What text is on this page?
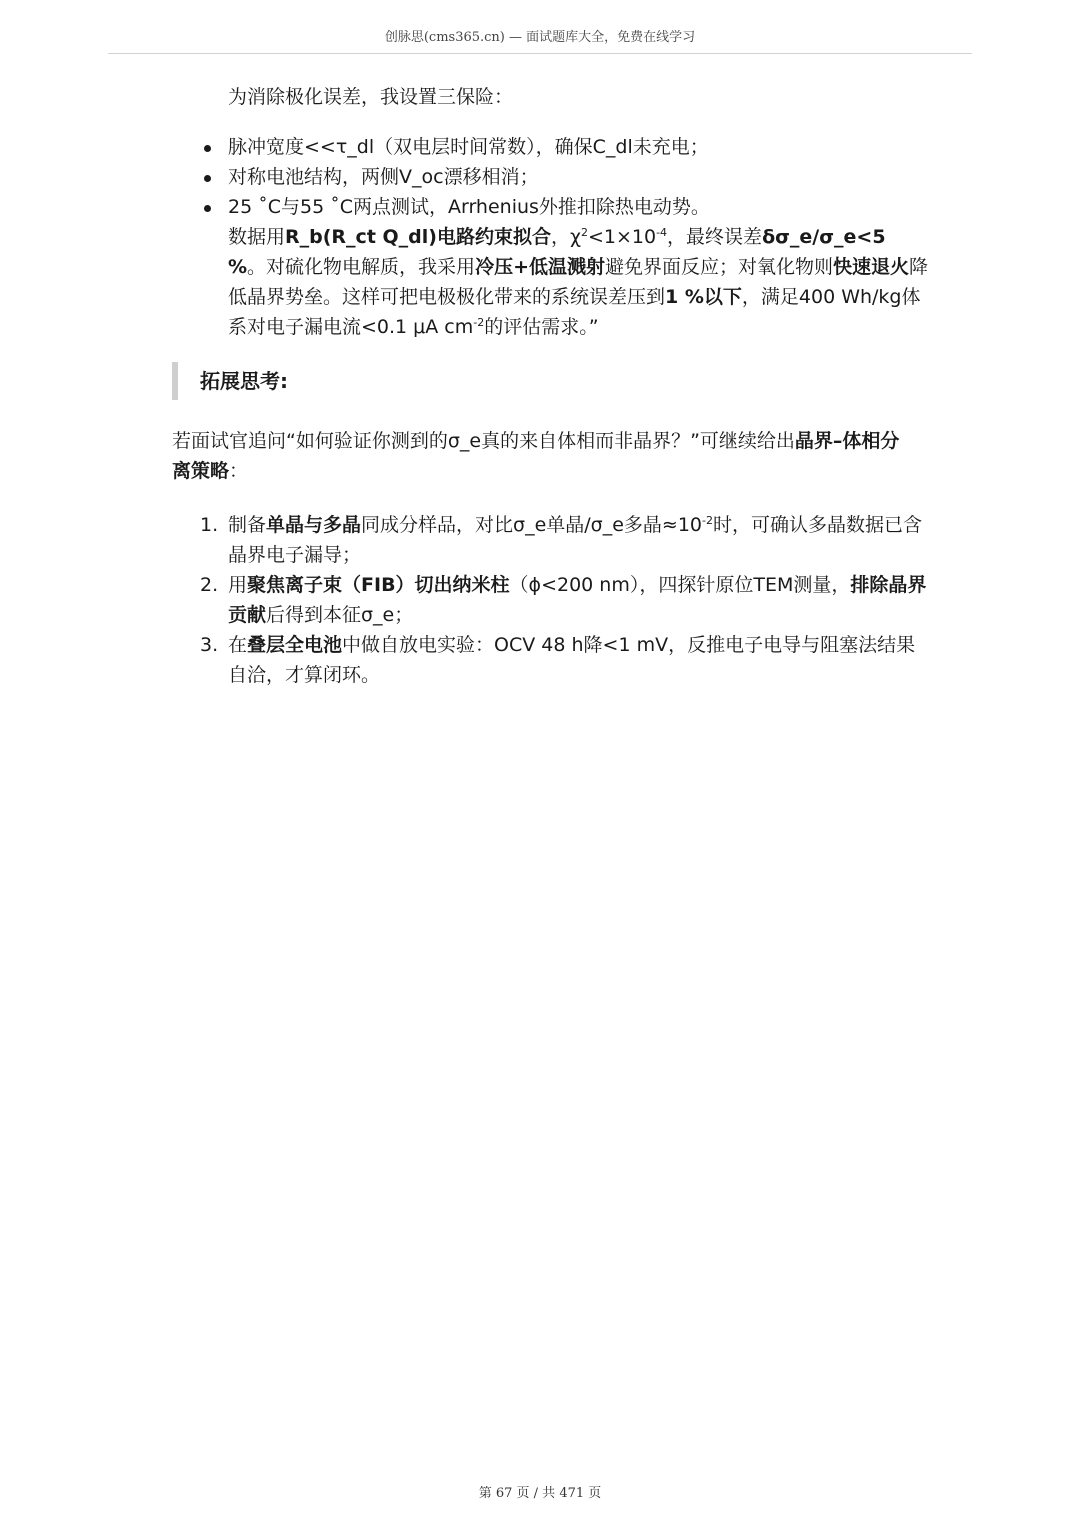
创脉思(cms365.cn) — 面试题库大全，免费在线学习

为消除极化误差，我设置三保险：

脉冲宽度<<τ_dl（双电层时间常数），确保C_dl未充电；
对称电池结构，两侧V_oc漂移相消；
25 ˚C与55 ˚C两点测试，Arrhenius外推扣除热电动势。
数据用R_b(R_ct Q_dl)电路约束拟合，$\chi^2<1\times 10^{-4}$，最终误差δσ_e/σ_e<5 %。对硫化物电解质，我采用冷压+低温溅射避免界面反应；对氧化物则快速退火降低晶界势垒。这样可把电极极化带来的系统误差压到1 %以下，满足400 Wh/kg体系对电子漏电流<0.1 μA $cm^{-2}$的评估需求。”
拓展思考:

若面试官追问“如何验证你测到的σ_e真的来自体相而非晶界？”可继续给出晶界–体相分离策略：

1. 制备单晶与多晶同成分样品，对比σ_e单晶/σ_e多晶$\approx 10^{-2}$时，可确认多晶数据已含晶界电子漏导；
2. 用聚焦离子束（FIB）切出纳米柱（ϕ<200 nm），四探针原位TEM测量，排除晶界贡献后得到本征σ_e；
3. 在叠层全电池中做自放电实验：OCV 48 h降<1 mV，反推电子电导与阻塞法结果自洽，才算闭环。
第 67 页 / 共 471 页
